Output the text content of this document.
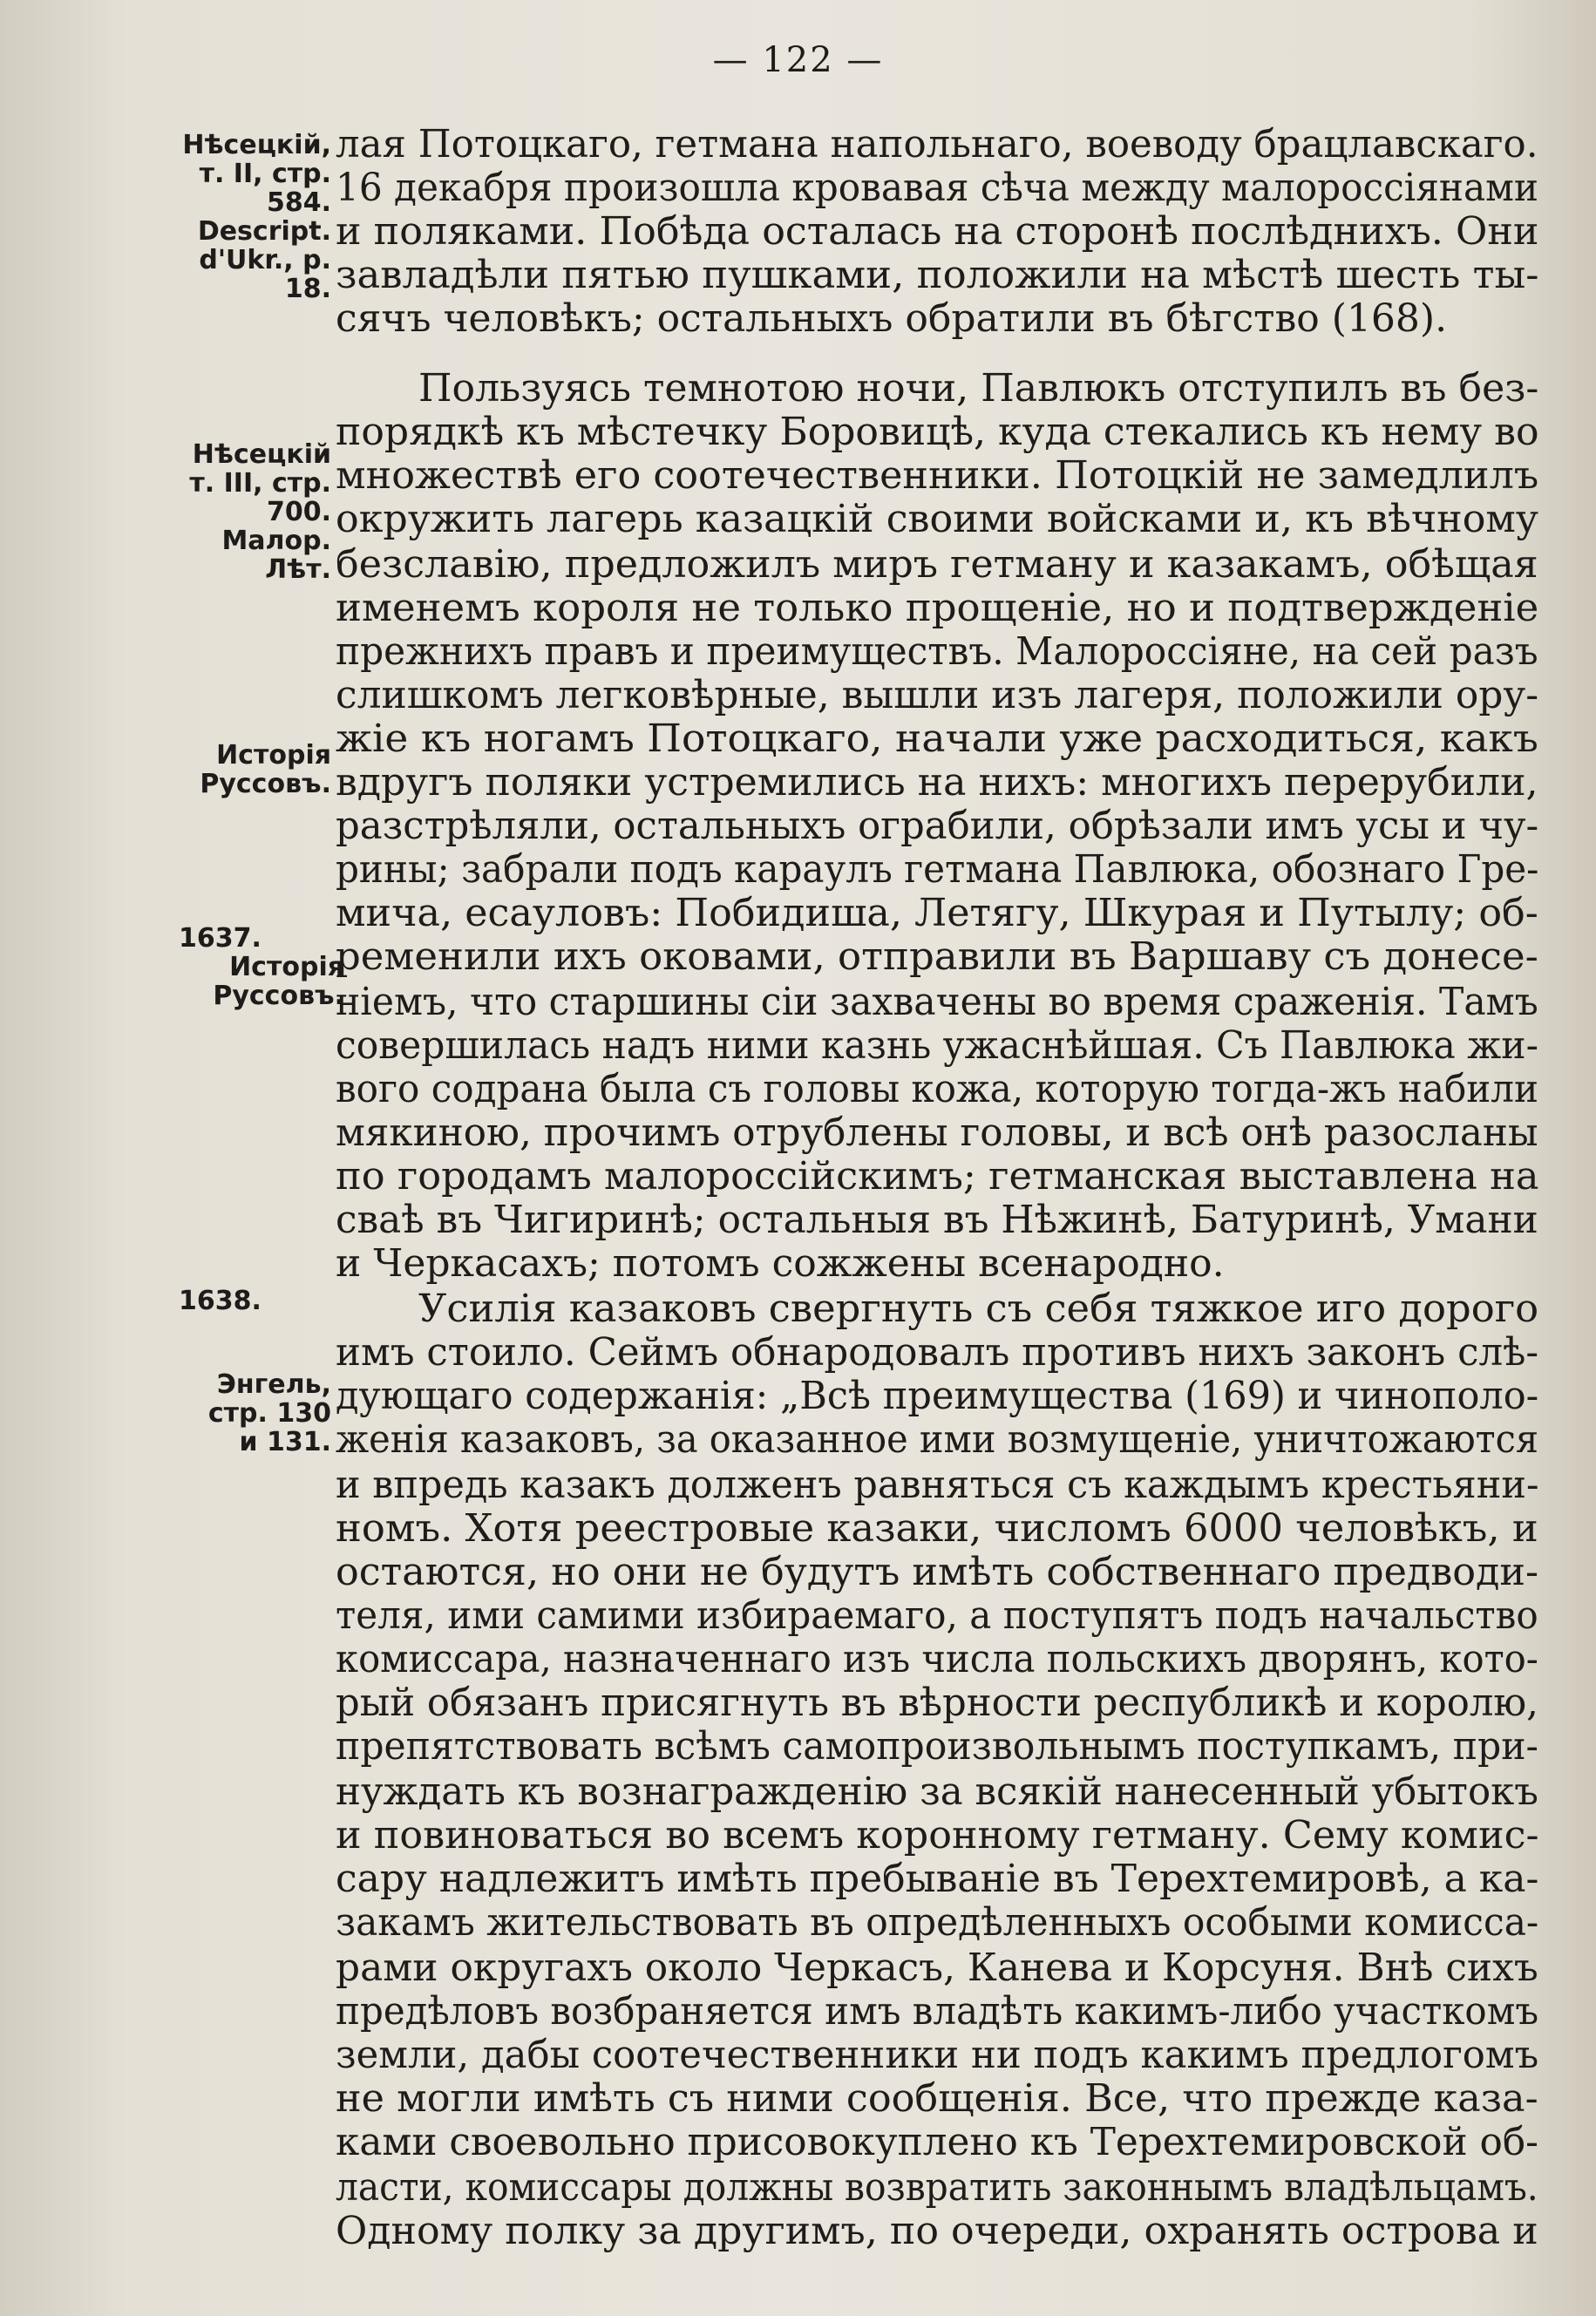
— 122 —
Нѣсецкій,
т. II, стр.
584.
Descript.
d'Ukr., p.
18.
Нѣсецкій
т. III, стр.
700.
Малор.
Лѣт.
Исторія
Руссовъ.
1637.
Исторія
Руссовъ.
1638.
Энгель,
стр. 130
и 131.
лая Потоцкаго, гетмана напольнаго, воеводу брацлавскаго.
16 декабря произошла кровавая сѣча между малороссіянами
и поляками. Побѣда осталась на сторонѣ послѣднихъ. Они
завладѣли пятью пушками, положили на мѣстѣ шесть ты-
сячъ человѣкъ; остальныхъ обратили въ бѣгство (168).
Пользуясь темнотою ночи, Павлюкъ отступилъ въ без-
порядкѣ къ мѣстечку Боровицѣ, куда стекались къ нему во
множествѣ его соотечественники. Потоцкій не замедлилъ
окружить лагерь казацкій своими войсками и, къ вѣчному
безславію, предложилъ миръ гетману и казакамъ, обѣщая
именемъ короля не только прощеніе, но и подтвержденіе
прежнихъ правъ и преимуществъ. Малороссіяне, на сей разъ
слишкомъ легковѣрные, вышли изъ лагеря, положили ору-
жіе къ ногамъ Потоцкаго, начали уже расходиться, какъ
вдругъ поляки устремились на нихъ: многихъ перерубили,
разстрѣляли, остальныхъ ограбили, обрѣзали имъ усы и чу-
рины; забрали подъ караулъ гетмана Павлюка, обознаго Гре-
мича, есауловъ: Побидишa, Летягу, Шкурая и Путылу; об-
ременили ихъ оковами, отправили въ Варшаву съ донесе-
ніемъ, что старшины сіи захвачены во время сраженія. Тамъ
совершилась надъ ними казнь ужаснѣйшая. Съ Павлюка жи-
вого содрана была съ головы кожа, которую тогда-жъ набили
мякиною, прочимъ отрублены головы, и всѣ онѣ разосланы
по городамъ малороссійскимъ; гетманская выставлена на
сваѣ въ Чигиринѣ; остальныя въ Нѣжинѣ, Батуринѣ, Умани
и Черкасахъ; потомъ сожжены всенародно.
Усилія казаковъ свергнуть съ себя тяжкое иго дорого
имъ стоило. Сеймъ обнародовалъ противъ нихъ законъ слѣ-
дующаго содержанія: „Всѣ преимущества (169) и чинополо-
женія казаковъ, за оказанное ими возмущеніе, уничтожаются
и впредь казакъ долженъ равняться съ каждымъ крестьяни-
номъ. Хотя реестровые казаки, числомъ 6000 человѣкъ, и
остаются, но они не будутъ имѣть собственнаго предводи-
теля, ими самими избираемаго, а поступятъ подъ начальство
комиссара, назначеннаго изъ числа польскихъ дворянъ, кото-
рый обязанъ присягнуть въ вѣрности республикѣ и королю,
препятствовать всѣмъ самопроизвольнымъ поступкамъ, при-
нуждать къ вознагражденію за всякій нанесенный убытокъ
и повиноваться во всемъ коронному гетману. Сему комис-
сару надлежитъ имѣть пребываніе въ Терехтемировѣ, а ка-
закамъ жительствовать въ опредѣленныхъ особыми комисса-
рами округахъ около Черкасъ, Канева и Корсуня. Внѣ сихъ
предѣловъ возбраняется имъ владѣть какимъ-либо участкомъ
земли, дабы соотечественники ни подъ какимъ предлогомъ
не могли имѣть съ ними сообщенія. Все, что прежде каза-
ками своевольно присовокуплено къ Терехтемировской об-
ласти, комиссары должны возвратить законнымъ владѣльцамъ.
Одному полку за другимъ, по очереди, охранять острова и
